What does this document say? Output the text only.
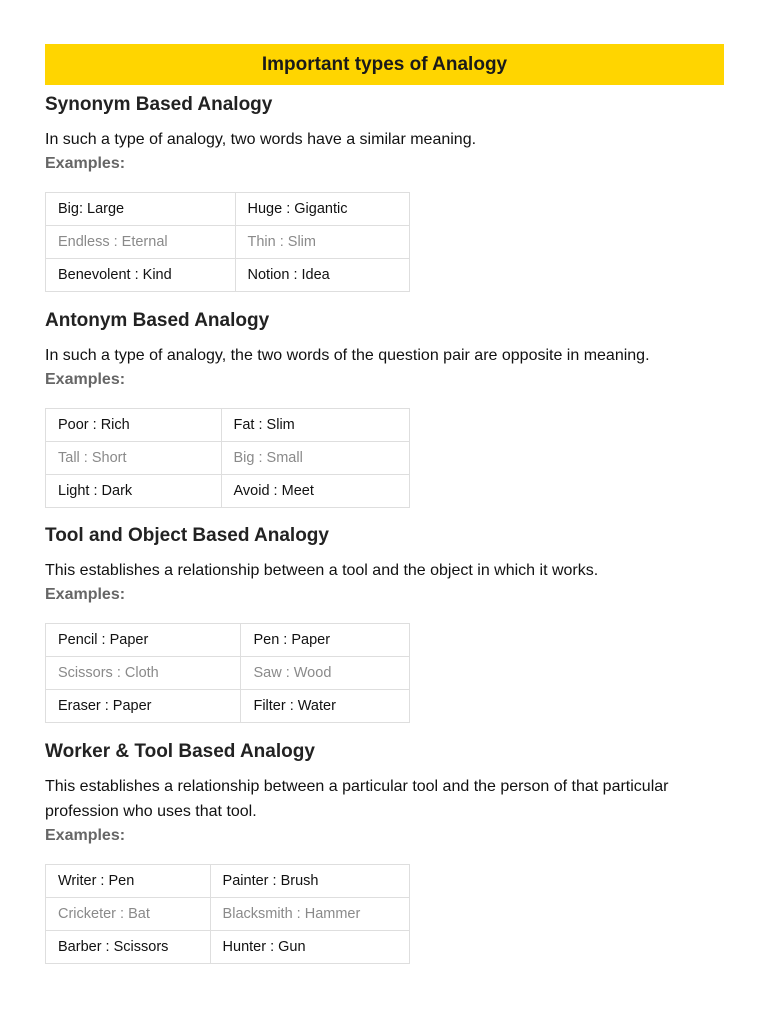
Important types of Analogy
Synonym Based Analogy

In such a type of analogy, two words have a similar meaning.

Examples:

Big: Large	Huge : Gigantic
Endless : Eternal	Thin : Slim
Benevolent : Kind	Notion : Idea
Antonym Based Analogy

In such a type of analogy, the two words of the question pair are opposite in meaning.

Examples:

Poor : Rich	Fat : Slim
Tall : Short	Big : Small
Light : Dark	Avoid : Meet
Tool and Object Based Analogy

This establishes a relationship between a tool and the object in which it works.

Examples:

Pencil : Paper	Pen : Paper
Scissors : Cloth	Saw : Wood
Eraser : Paper	Filter : Water
Worker & Tool Based Analogy

This establishes a relationship between a particular tool and the person of that particular profession who uses that tool.

Examples:

Writer : Pen	Painter : Brush
Cricketer : Bat	Blacksmith : Hammer
Barber : Scissors	Hunter : Gun
